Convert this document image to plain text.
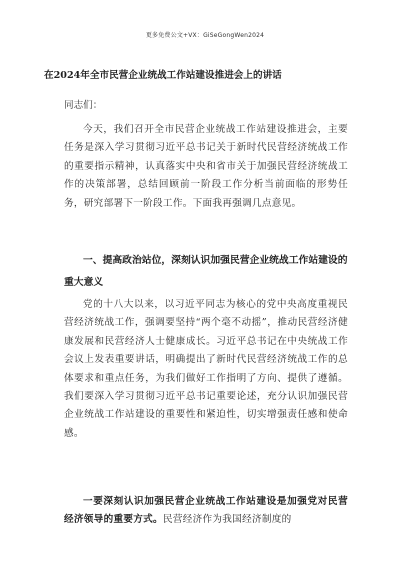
更多免费公文+VX：GiSeGongWen2024
在2024年全市民营企业统战工作站建设推进会上的讲话
同志们：
今天，我们召开全市民营企业统战工作站建设推进会，主要任务是深入学习贯彻习近平总书记关于新时代民营经济统战工作的重要指示精神，认真落实中央和省市关于加强民营经济统战工作的决策部署，总结回顾前一阶段工作分析当前面临的形势任务，研究部署下一阶段工作。下面我再强调几点意见。
一、提高政治站位，深刻认识加强民营企业统战工作站建设的重大意义
党的十八大以来，以习近平同志为核心的党中央高度重视民营经济统战工作，强调要坚持“两个毫不动摇”，推动民营经济健康发展和民营经济人士健康成长。习近平总书记在中央统战工作会议上发表重要讲话，明确提出了新时代民营经济统战工作的总体要求和重点任务，为我们做好工作指明了方向、提供了遵循。我们要深入学习贯彻习近平总书记重要论述，充分认识加强民营企业统战工作站建设的重要性和紧迫性，切实增强责任感和使命感。
一要深刻认识加强民营企业统战工作站建设是加强党对民营经济领导的重要方式。民营经济作为我国经济制度的
